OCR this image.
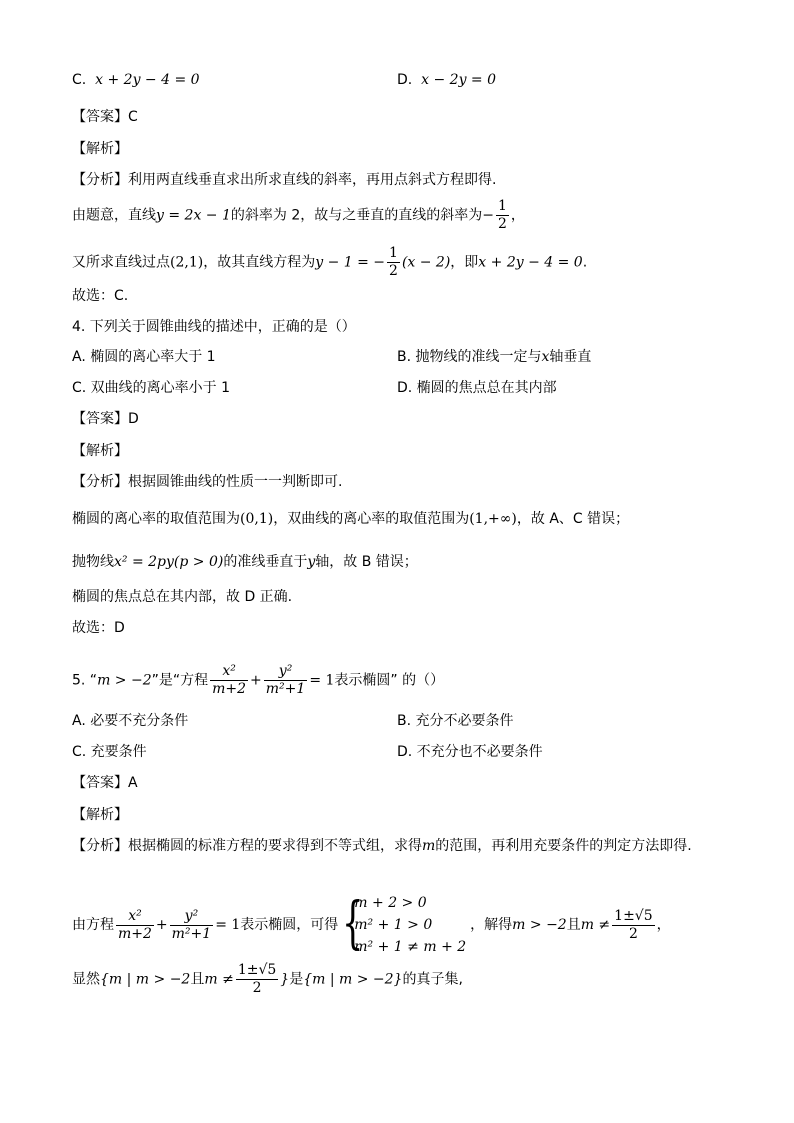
C. x + 2y − 4 = 0	D. x − 2y = 0
【答案】C
【解析】
【分析】利用两直线垂直求出所求直线的斜率，再用点斜式方程即得.
由题意，直线y = 2x − 1的斜率为 2，故与之垂直的直线的斜率为− $\frac{1}{2}$ ，
又所求直线过点(2,1)，故其直线方程为y − 1 = − $\frac{1}{2} (x - 2)$，即x + 2y − 4 = 0.
故选：C.
4. 下列关于圆锥曲线的描述中，正确的是（）
A. 椭圆的离心率大于 1	B. 抛物线的准线一定与x轴垂直
C. 双曲线的离心率小于 1	D. 椭圆的焦点总在其内部
【答案】D
【解析】
【分析】根据圆锥曲线的性质一一判断即可.
椭圆的离心率的取值范围为(0,1)，双曲线的离心率的取值范围为(1,+∞)，故 A、C 错误；
抛物线x² = 2py(p > 0)的准线垂直于y轴，故 B 错误；
椭圆的焦点总在其内部，故 D 正确.
故选：D
5. “m > −2”是“方程 $\frac{\text{x²}}{m+2} + \frac{\text{y²}}{\text{m²+1}} = 1$表示椭圆” 的（）
A. 必要不充分条件	B. 充分不必要条件
C. 充要条件	D. 不充分也不必要条件
【答案】A
【解析】
【分析】根据椭圆的标准方程的要求得到不等式组，求得m的范围，再利用充要条件的判定方法即得.
由方程 $\frac{\text{x²}}{m+2} + \frac{\text{y²}}{\text{m²+1}} = 1$表示椭圆，可得 {
m + 2 > 0
m² + 1 > 0
m² + 1 ≠ m + 2
，解得m > −2且$m \ne \frac{1\pm√5}{2}$ ，
显然{m | m > −2且$m \ne \frac{1\pm√5}{2}$ }是{m | m > −2}的真子集,
